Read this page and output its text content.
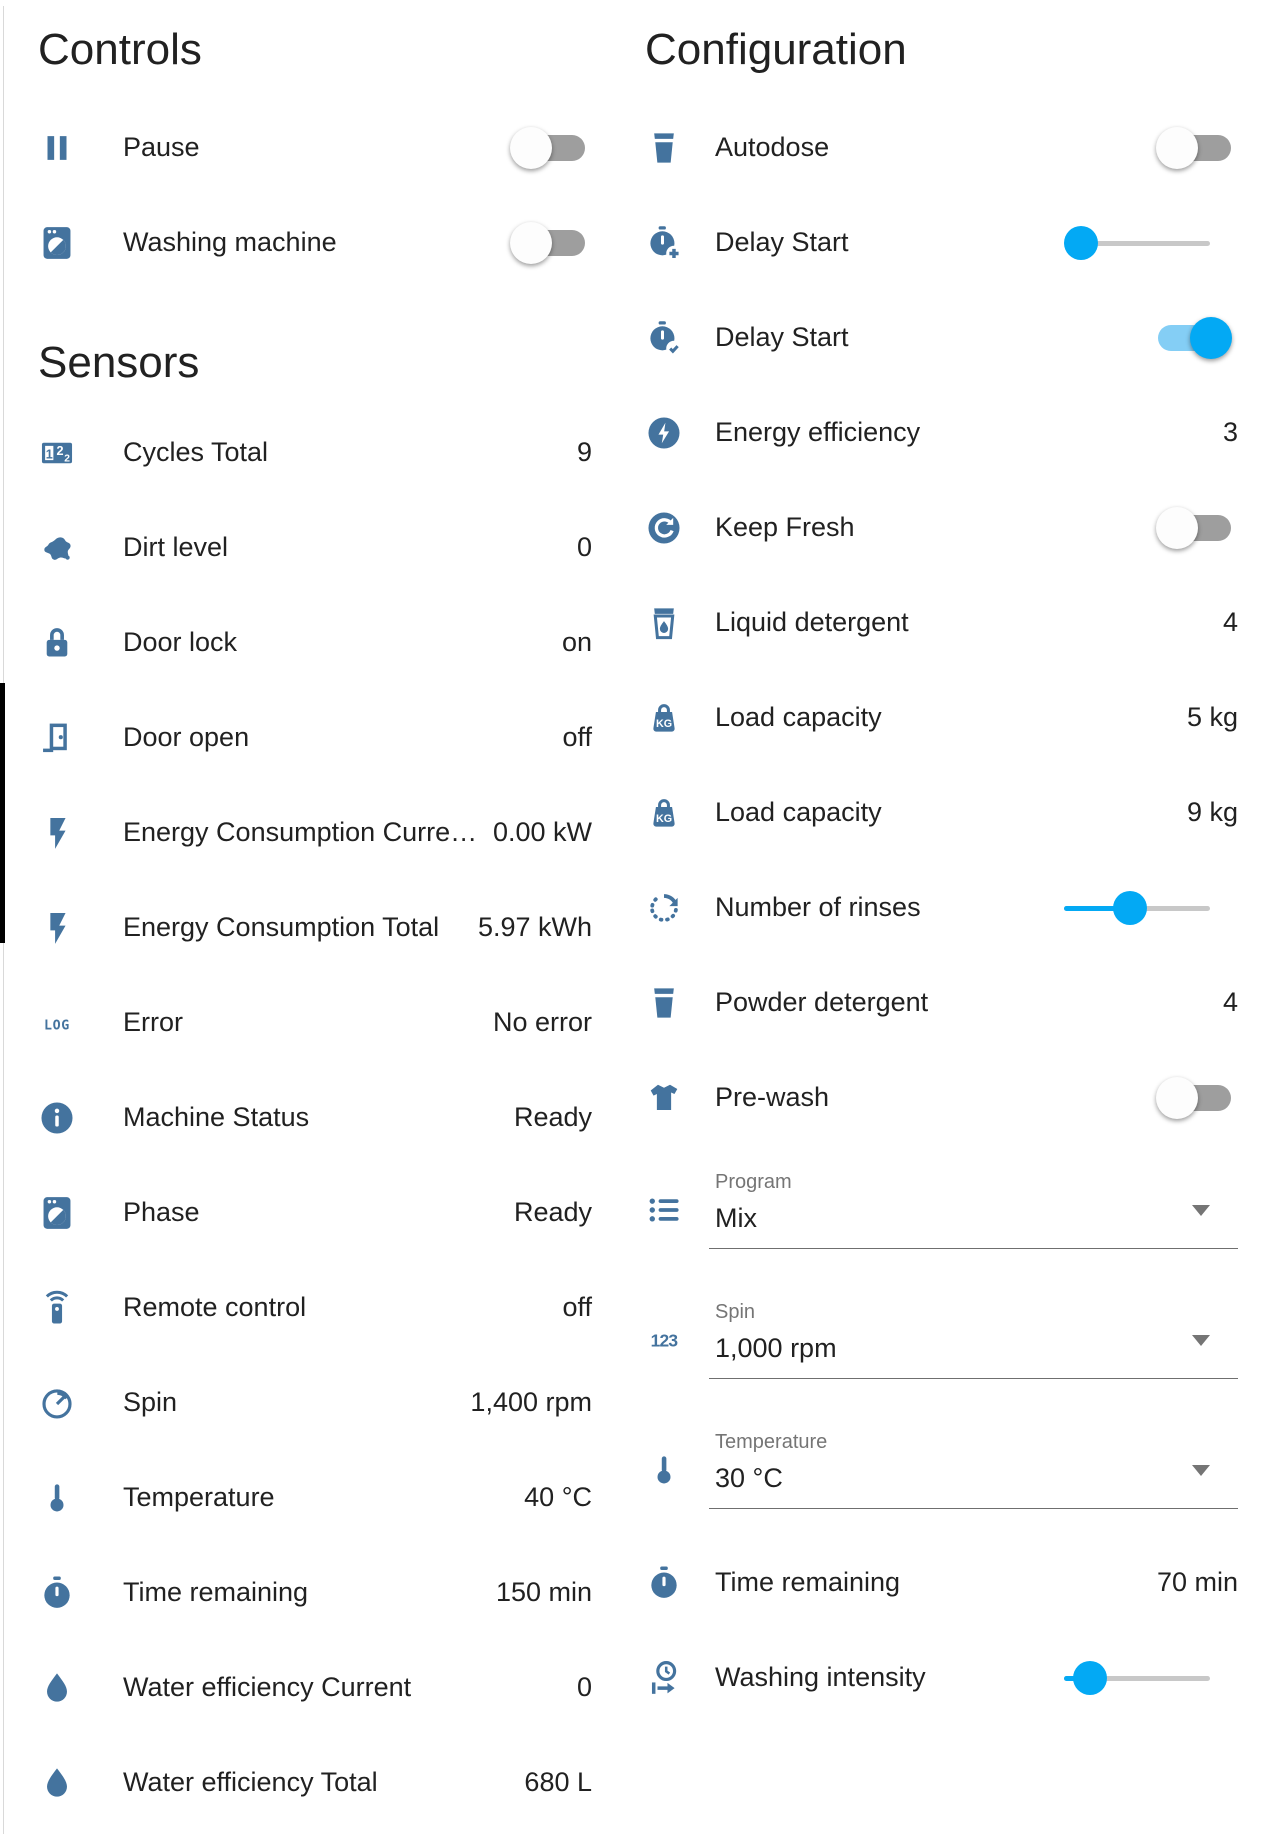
Controls
Pause
Washing machine
Sensors
1 2
2 Cycles Total	9
Dirt level	0
Door lock	on
Door open	off
Energy Consumption Curre… 0.00 kW
Energy Consumption Total	5.97 kWh
LOG Error	No error
Machine Status	Ready
Phase	Ready
Remote control	off
Spin	1,400 rpm
Temperature	40 °C
Time remaining	150 min
Water efficiency Current	0
Water efficiency Total	680 L
Configuration
Autodose
Delay Start
Delay Start
Energy efficiency	3
Keep Fresh
Liquid detergent	4
KG Load capacity	5 kg
KG Load capacity	9 kg
Number of rinses
Powder detergent	4
Pre-wash
Program
Mix
123
Spin
1,000 rpm
Temperature
30 °C
Time remaining	70 min
Washing intensity
